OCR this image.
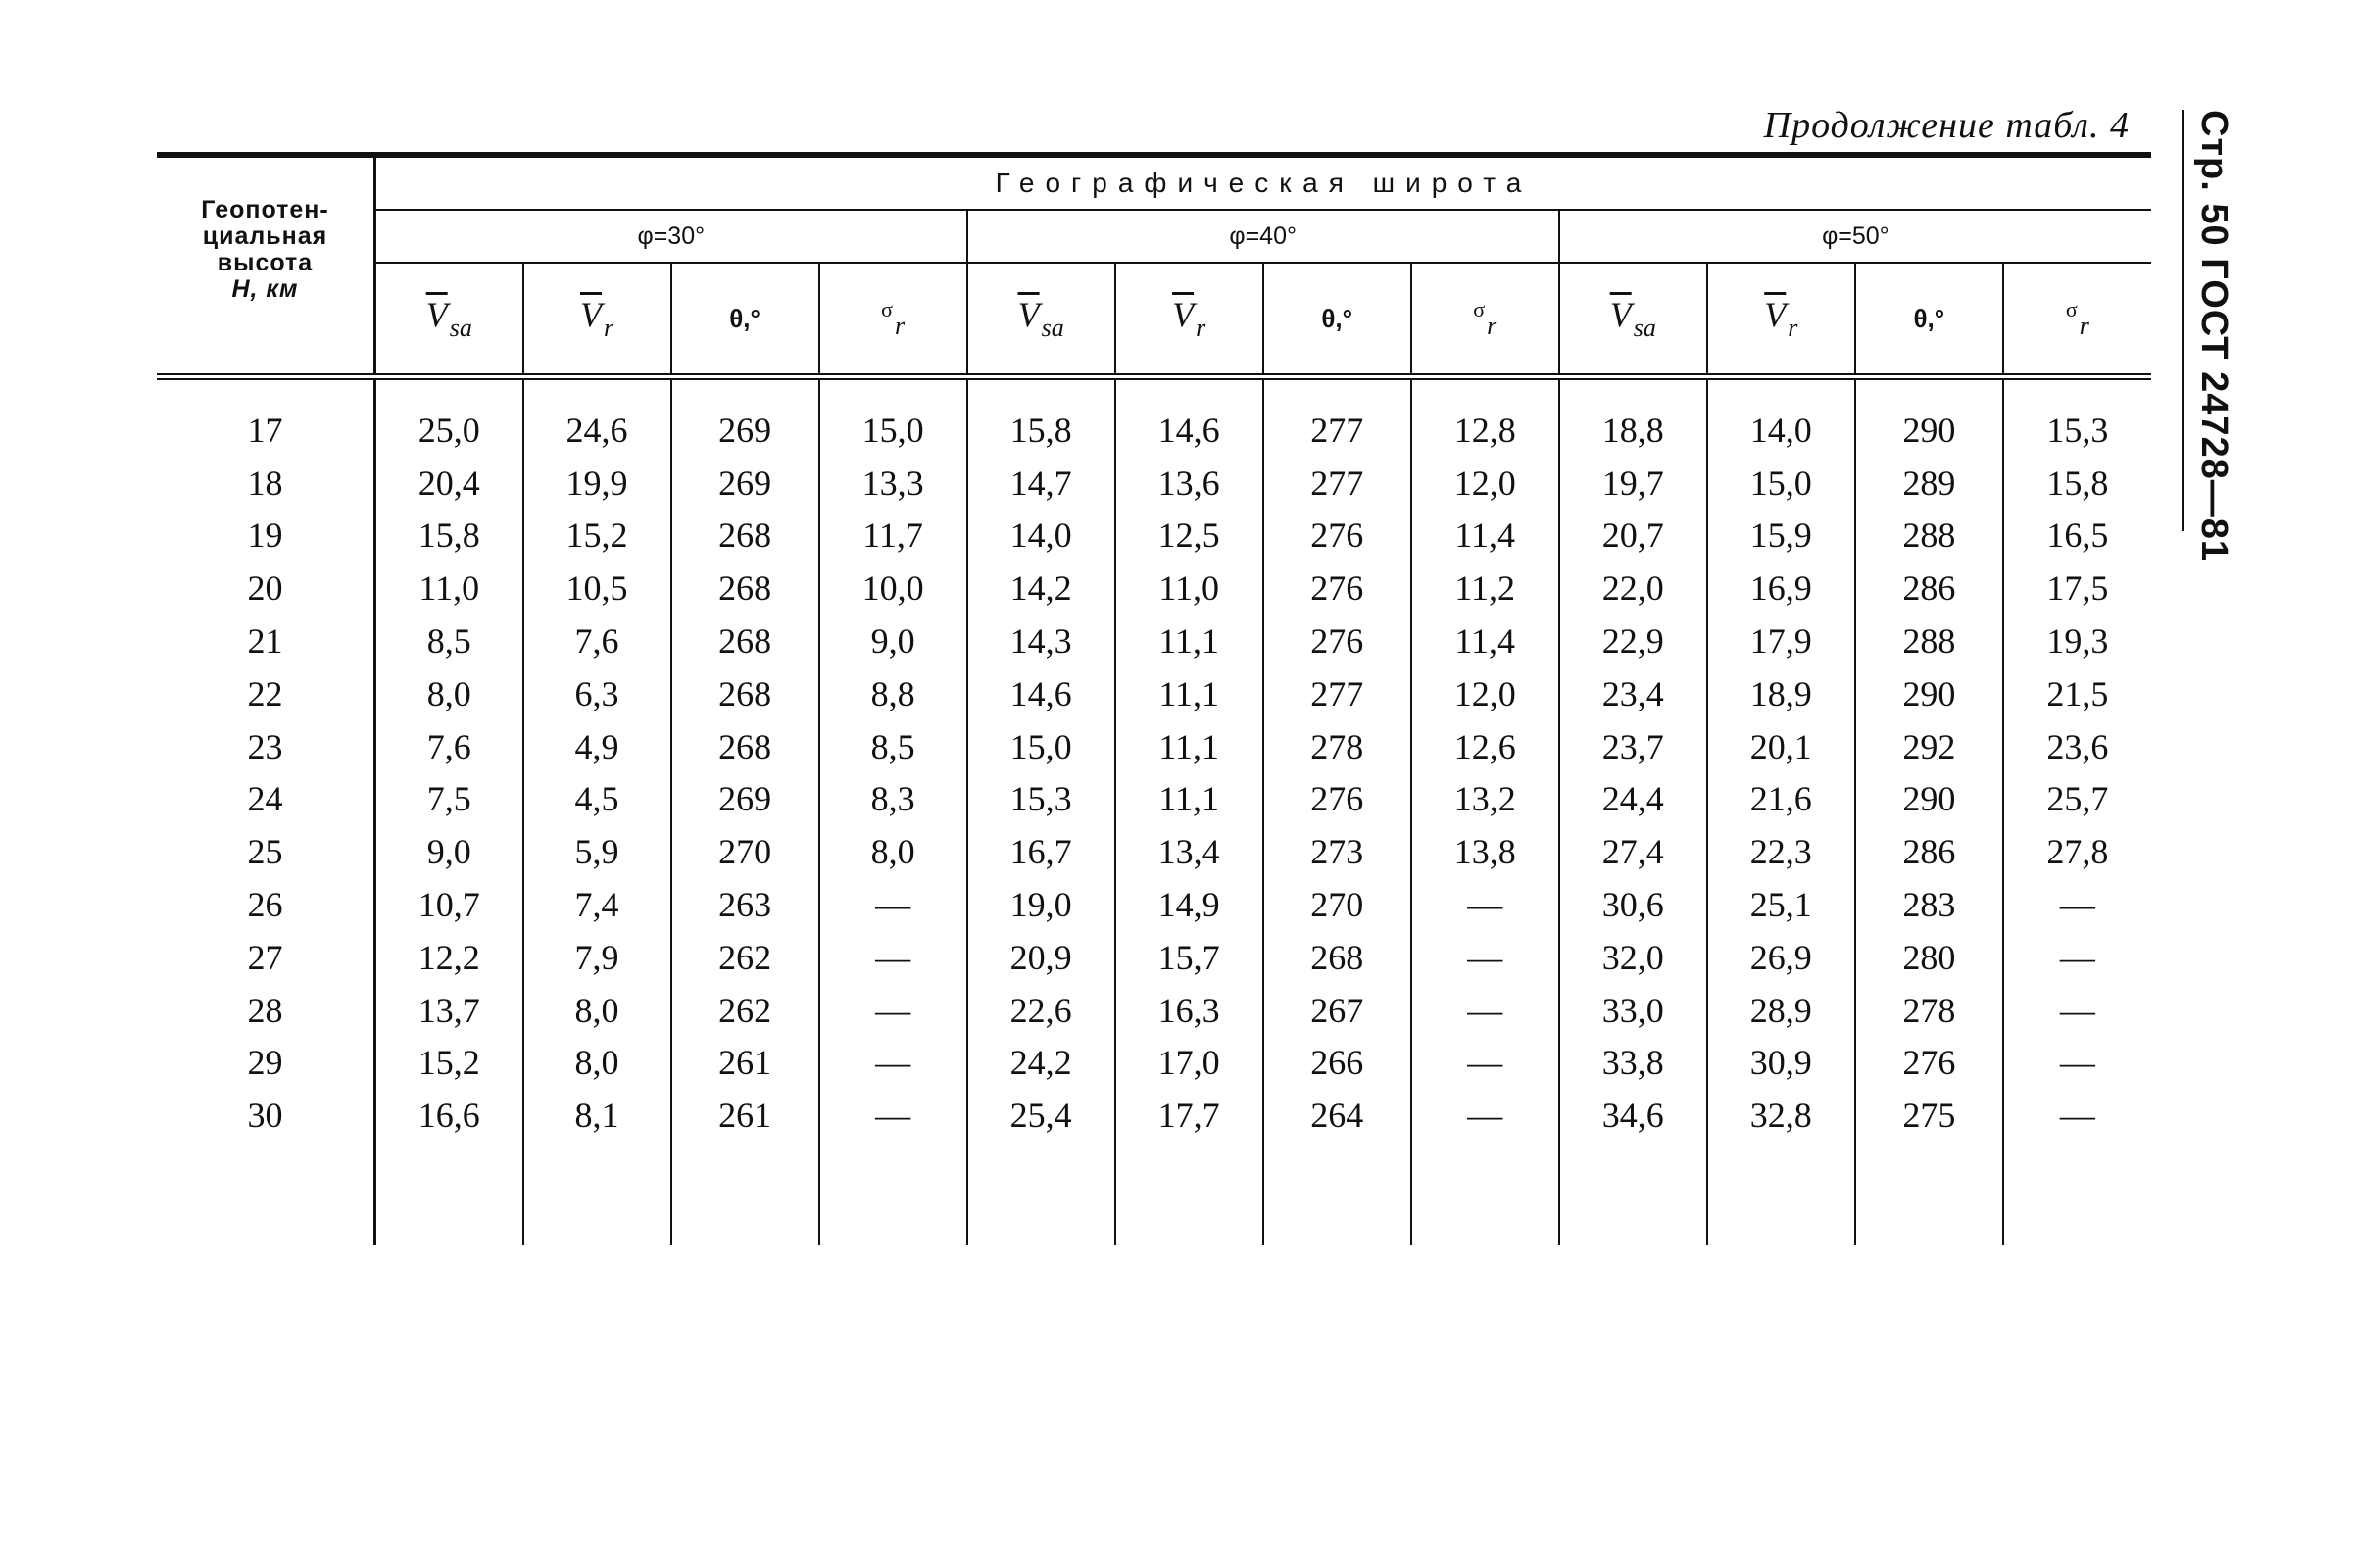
Продолжение табл. 4 Стр. 50 ГОСТ 24728—81
Геопотен-
циальная
высота
H, км	Географическая широта											
	φ=30°				φ=40°				φ=50°			
	$\overline{V}_{sa}$	$\overline{V}_r$	θ,°	$^\sigma_r$	$\overline{V}_{sa}$	$\overline{V}_r$	θ,°	$^\sigma_r$	$\overline{V}_{sa}$	$\overline{V}_r$	θ,°	$^\sigma_r$
17	25,0	24,6	269	15,0	15,8	14,6	277	12,8	18,8	14,0	290	15,3
18	20,4	19,9	269	13,3	14,7	13,6	277	12,0	19,7	15,0	289	15,8
19	15,8	15,2	268	11,7	14,0	12,5	276	11,4	20,7	15,9	288	16,5
20	11,0	10,5	268	10,0	14,2	11,0	276	11,2	22,0	16,9	286	17,5
21	8,5	7,6	268	9,0	14,3	11,1	276	11,4	22,9	17,9	288	19,3
22	8,0	6,3	268	8,8	14,6	11,1	277	12,0	23,4	18,9	290	21,5
23	7,6	4,9	268	8,5	15,0	11,1	278	12,6	23,7	20,1	292	23,6
24	7,5	4,5	269	8,3	15,3	11,1	276	13,2	24,4	21,6	290	25,7
25	9,0	5,9	270	8,0	16,7	13,4	273	13,8	27,4	22,3	286	27,8
26	10,7	7,4	263	—	19,0	14,9	270	—	30,6	25,1	283	—
27	12,2	7,9	262	—	20,9	15,7	268	—	32,0	26,9	280	—
28	13,7	8,0	262	—	22,6	16,3	267	—	33,0	28,9	278	—
29	15,2	8,0	261	—	24,2	17,0	266	—	33,8	30,9	276	—
30	16,6	8,1	261	—	25,4	17,7	264	—	34,6	32,8	275	—
